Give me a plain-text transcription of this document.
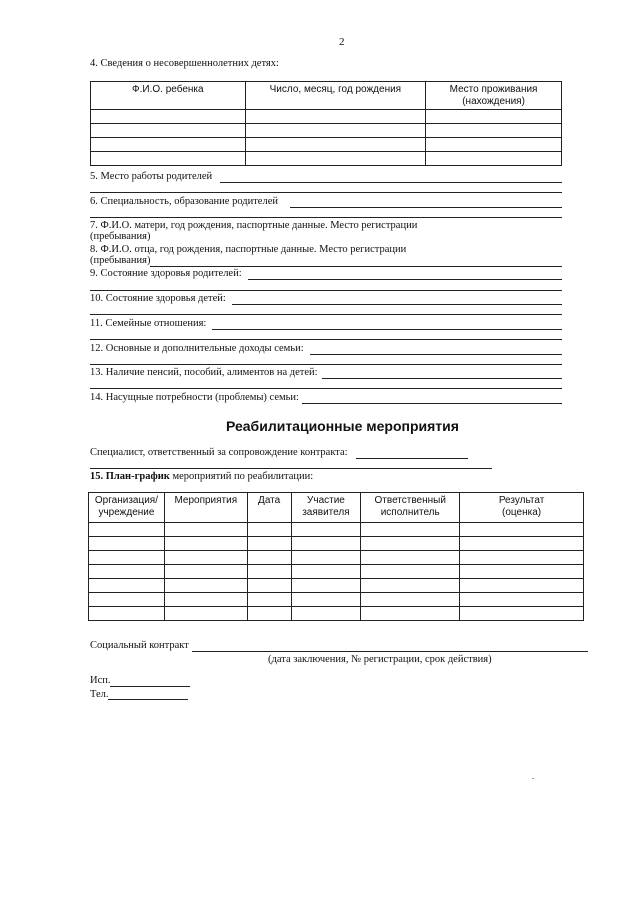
2
4. Сведения о несовершеннолетних детях:
Ф.И.О. ребенка	Число, месяц, год рождения	Место проживания (нахождения)

5. Место работы родителей
6. Специальность, образование родителей
7. Ф.И.О. матери, год рождения, паспортные данные. Место регистрации
(пребывания)
8. Ф.И.О. отца, год рождения, паспортные данные. Место регистрации
(пребывания)
9. Состояние здоровья родителей:
10. Состояние здоровья детей:
11. Семейные отношения:
12. Основные и дополнительные доходы семьи:
13. Наличие пенсий, пособий, алиментов на детей:
14. Насущные потребности (проблемы) семьи:
Реабилитационные мероприятия
Специалист, ответственный за сопровождение контракта:
15. План-график мероприятий по реабилитации:
Организация/ учреждение	Мероприятия	Дата	Участие заявителя	Ответственный исполнитель	Результат (оценка)

Социальный контракт
(дата заключения, № регистрации, срок действия)
Исп.
Тел.
